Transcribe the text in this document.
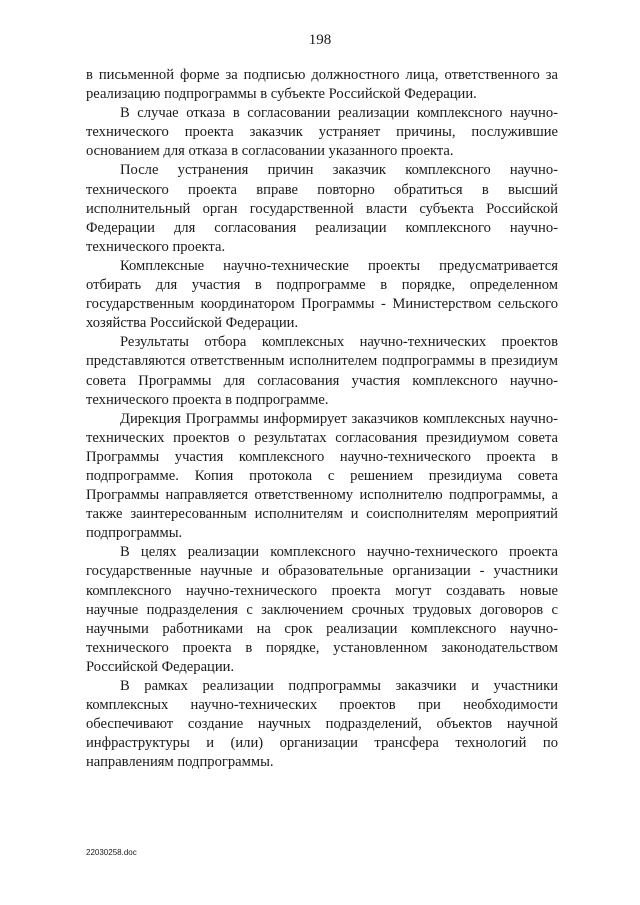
198

в письменной форме за подписью должностного лица, ответственного за реализацию подпрограммы в субъекте Российской Федерации.

В случае отказа в согласовании реализации комплексного научно-технического проекта заказчик устраняет причины, послужившие основанием для отказа в согласовании указанного проекта.

После устранения причин заказчик комплексного научно-технического проекта вправе повторно обратиться в высший исполнительный орган государственной власти субъекта Российской Федерации для согласования реализации комплексного научно-технического проекта.

Комплексные научно-технические проекты предусматривается отбирать для участия в подпрограмме в порядке, определенном государственным координатором Программы - Министерством сельского хозяйства Российской Федерации.

Результаты отбора комплексных научно-технических проектов представляются ответственным исполнителем подпрограммы в президиум совета Программы для согласования участия комплексного научно-технического проекта в подпрограмме.

Дирекция Программы информирует заказчиков комплексных научно-технических проектов о результатах согласования президиумом совета Программы участия комплексного научно-технического проекта в подпрограмме. Копия протокола с решением президиума совета Программы направляется ответственному исполнителю подпрограммы, а также заинтересованным исполнителям и соисполнителям мероприятий подпрограммы.

В целях реализации комплексного научно-технического проекта государственные научные и образовательные организации - участники комплексного научно-технического проекта могут создавать новые научные подразделения с заключением срочных трудовых договоров с научными работниками на срок реализации комплексного научно-технического проекта в порядке, установленном законодательством Российской Федерации.

В рамках реализации подпрограммы заказчики и участники комплексных научно-технических проектов при необходимости обеспечивают создание научных подразделений, объектов научной инфраструктуры и (или) организации трансфера технологий по направлениям подпрограммы.

22030258.doc
